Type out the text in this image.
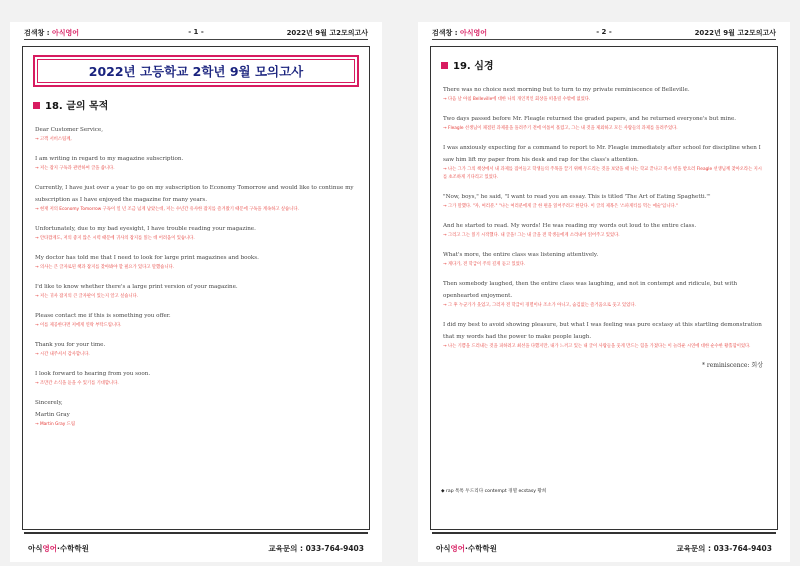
검색창 : 아식영어	- 1 -	2022년 9월 고2모의고사
2022년 고등학교 2학년 9월 모의고사
18. 글의 목적
Dear Customer Service,
→ 고객 서비스팀께,
I am writing in regard to my magazine subscription.
→ 저는 잡지 구독과 관련하여 글을 씁니다.
Currently, I have just over a year to go on my subscription to Economy Tomorrow and would like to continue my subscription as I have enjoyed the magazine for many years.
→ 현재 저의 Economy Tomorrow 구독이 일 년 조금 넘게 남았는데, 저는 수년간 유사한 잡지를 즐겨왔기 때문에 구독을 계속하고 싶습니다.
Unfortunately, due to my bad eyesight, I have trouble reading your magazine.
→ 안타깝게도, 저의 좋지 않은 시력 때문에 귀사의 잡지를 읽는 데 어려움이 있습니다.
My doctor has told me that I need to look for large print magazines and books.
→ 의사는 큰 글자로된 책과 잡지를 찾아봐야 할 필요가 있다고 말했습니다.
I'd like to know whether there's a large print version of your magazine.
→ 저는 귀사 잡지의 큰 글자판이 있는지 알고 싶습니다.
Please contact me if this is something you offer.
→ 이를 제공한다면 저에게 연락 부탁드립니다.
Thank you for your time.
→ 시간 내주셔서 감사합니다.
I look forward to hearing from you soon.
→ 조만간 소식을 듣을 수 있기를 기대합니다.
Sincerely,
Martin Gray
→ Martin Gray 드림
아식영어·수학학원	교육문의 : 033-764-9403
검색창 : 아식영어	- 2 -	2022년 9월 고2모의고사
19. 심경
There was no choice next morning but to turn to my private reminiscence of Belleville.
→ 다음 날 아침 Belleville에 대한 나의 개인적인 회상을 떠올릴 수밖에 없었다.
Two days passed before Mr. Fleagle returned the graded papers, and he returned everyone's but mine.
→ Fleagle 선생님이 채점된 과제물을 돌려주기 전에 이틀이 흘렀고, 그는 내 것을 제외하고 모든 사람들의 과제를 돌려주었다.
I was anxiously expecting for a command to report to Mr. Fleagle immediately after school for discipline when I saw him lift my paper from his desk and rap for the class's attention.
→ 나는 그가 그의 책상에서 내 과제를 집어들고 학생들의 주목을 끌기 위해 두드리는 것을 보았을 때 나는 학교 끝나고 즉시 벌을 받으러 Fleagle 선생님께 찾아오라는 지시를 초조하게 기다리고 있었다.
"Now, boys," he said, "I want to read you an essay. This is titled 'The Art of Eating Spaghetti.'"
→ 그가 말했다. "자, 여러분." "나는 여러분에게 글 한 편을 읽어주려고 한단다. 이 글의 제목은 '스파게티를 먹는 예술'입니다."
And he started to read. My words! He was reading my words out loud to the entire class.
→ 그리고 그는 읽기 시작했다. 내 글을! 그는 내 글을 전 학생들에게 소리내어 읽어주고 있었다.
What's more, the entire class was listening attentively.
→ 게다가, 전 학급이 주의 깊게 듣고 있었다.
Then somebody laughed, then the entire class was laughing, and not in contempt and ridicule, but with openhearted enjoyment.
→ 그 후 누군가가 웃었고, 그러자 전 학급이 경멸이나 조소가 아니고, 숨김없는 즐거움으로 웃고 있었다.
I did my best to avoid showing pleasure, but what I was feeling was pure ecstasy at this startling demonstration that my words had the power to make people laugh.
→ 나는 기쁨을 드러내는 것을 피하려고 최선을 다했지만, 내가 느끼고 있는 내 글이 사람들을 웃게 만드는 힘을 가졌다는 이 놀라운 시연에 대한 순수한 황홀함이었다.
* reminiscence: 회상
◆ rap 톡톡 두드리다 contempt 경멸 ecstasy 황희
아식영어·수학학원	교육문의 : 033-764-9403
